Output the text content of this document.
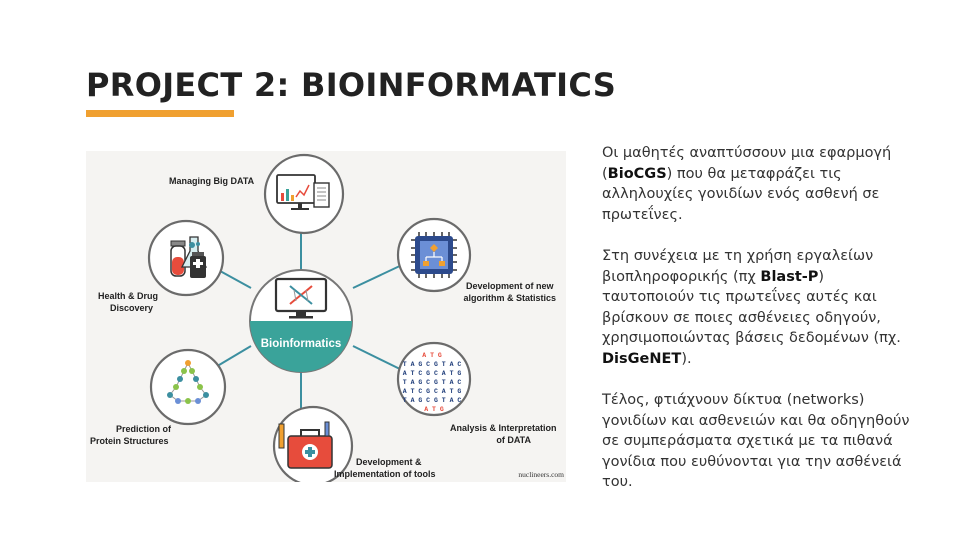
PROJECT 2: BIOINFORMATICS
Bioinformatics
Managing Big DATA
Development of new algorithm & Statistics
A T G T A G C G T A C A T C G C A T G T A G C G T A C A T C G C A T G T A G C G T A C A T G
Analysis & Interpretation of DATA
Development & Implementation of tools
Prediction of Protein Structures
Health & Drug Discovery
nuclineers.com

Οι μαθητές αναπτύσσουν μια εφαρμογή (BioCGS) που θα μεταφράζει τις αλληλουχίες γονιδίων ενός ασθενή σε πρωτεΐνες.

Στη συνέχεια με τη χρήση εργαλείων βιοπληροφορικής (πχ Blast-P) ταυτοποιούν τις πρωτεΐνες αυτές και βρίσκουν σε ποιες ασθένειες οδηγούν, χρησιμοποιώντας βάσεις δεδομένων (πχ. DisGeNET).

Τέλος, φτιάχνουν δίκτυα (networks) γονιδίων και ασθενειών και θα οδηγηθούν σε συμπεράσματα σχετικά με τα πιθανά γονίδια που ευθύνονται για την ασθένειά του.
